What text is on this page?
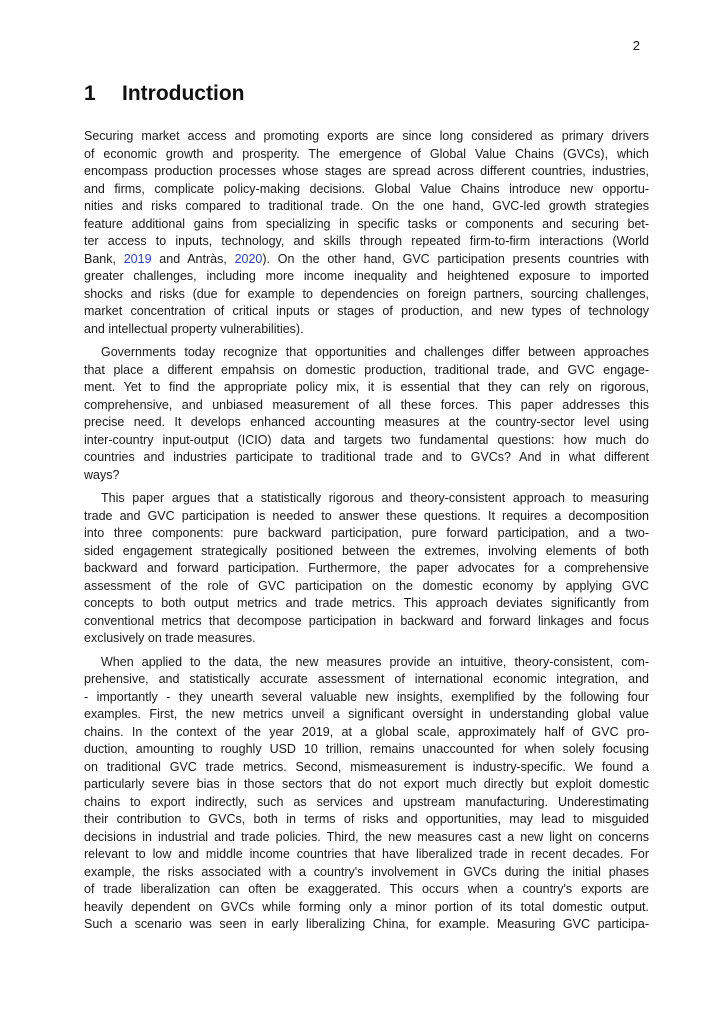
2
1 Introduction

Securing market access and promoting exports are since long considered as primary drivers
of economic growth and prosperity. The emergence of Global Value Chains (GVCs), which
encompass production processes whose stages are spread across different countries, industries,
and firms, complicate policy-making decisions. Global Value Chains introduce new opportu-
nities and risks compared to traditional trade. On the one hand, GVC-led growth strategies
feature additional gains from specializing in specific tasks or components and securing bet-
ter access to inputs, technology, and skills through repeated firm-to-firm interactions (World
Bank, 2019 and Antràs, 2020). On the other hand, GVC participation presents countries with
greater challenges, including more income inequality and heightened exposure to imported
shocks and risks (due for example to dependencies on foreign partners, sourcing challenges,
market concentration of critical inputs or stages of production, and new types of technology
and intellectual property vulnerabilities).

Governments today recognize that opportunities and challenges differ between approaches
that place a different empahsis on domestic production, traditional trade, and GVC engage-
ment. Yet to find the appropriate policy mix, it is essential that they can rely on rigorous,
comprehensive, and unbiased measurement of all these forces. This paper addresses this
precise need. It develops enhanced accounting measures at the country-sector level using
inter-country input-output (ICIO) data and targets two fundamental questions: how much do
countries and industries participate to traditional trade and to GVCs? And in what different
ways?

This paper argues that a statistically rigorous and theory-consistent approach to measuring
trade and GVC participation is needed to answer these questions. It requires a decomposition
into three components: pure backward participation, pure forward participation, and a two-
sided engagement strategically positioned between the extremes, involving elements of both
backward and forward participation. Furthermore, the paper advocates for a comprehensive
assessment of the role of GVC participation on the domestic economy by applying GVC
concepts to both output metrics and trade metrics. This approach deviates significantly from
conventional metrics that decompose participation in backward and forward linkages and focus
exclusively on trade measures.

When applied to the data, the new measures provide an intuitive, theory-consistent, com-
prehensive, and statistically accurate assessment of international economic integration, and
- importantly - they unearth several valuable new insights, exemplified by the following four
examples. First, the new metrics unveil a significant oversight in understanding global value
chains. In the context of the year 2019, at a global scale, approximately half of GVC pro-
duction, amounting to roughly USD 10 trillion, remains unaccounted for when solely focusing
on traditional GVC trade metrics. Second, mismeasurement is industry-specific. We found a
particularly severe bias in those sectors that do not export much directly but exploit domestic
chains to export indirectly, such as services and upstream manufacturing. Underestimating
their contribution to GVCs, both in terms of risks and opportunities, may lead to misguided
decisions in industrial and trade policies. Third, the new measures cast a new light on concerns
relevant to low and middle income countries that have liberalized trade in recent decades. For
example, the risks associated with a country's involvement in GVCs during the initial phases
of trade liberalization can often be exaggerated. This occurs when a country's exports are
heavily dependent on GVCs while forming only a minor portion of its total domestic output.
Such a scenario was seen in early liberalizing China, for example. Measuring GVC participa-
